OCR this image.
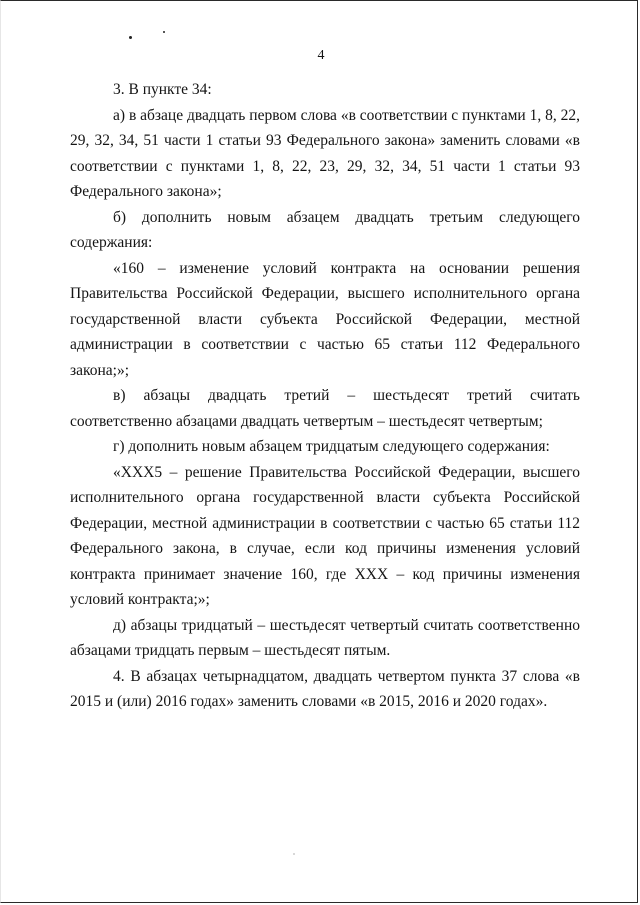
4

3. В пункте 34:

а) в абзаце двадцать первом слова «в соответствии с пунктами 1, 8, 22, 29, 32, 34, 51 части 1 статьи 93 Федерального закона» заменить словами «в соответствии с пунктами 1, 8, 22, 23, 29, 32, 34, 51 части 1 статьи 93 Федерального закона»;

б) дополнить новым абзацем двадцать третьим следующего содержания:

«160 – изменение условий контракта на основании решения Правительства Российской Федерации, высшего исполнительного органа государственной власти субъекта Российской Федерации, местной администрации в соответствии с частью 65 статьи 112 Федерального закона;»;

в) абзацы двадцать третий – шестьдесят третий считать соответственно абзацами двадцать четвертым – шестьдесят четвертым;

г) дополнить новым абзацем тридцатым следующего содержания:

«ХХХ5 – решение Правительства Российской Федерации, высшего исполнительного органа государственной власти субъекта Российской Федерации, местной администрации в соответствии с частью 65 статьи 112 Федерального закона, в случае, если код причины изменения условий контракта принимает значение 160, где ХХХ – код причины изменения условий контракта;»;

д) абзацы тридцатый – шестьдесят четвертый считать соответственно абзацами тридцать первым – шестьдесят пятым.

4. В абзацах четырнадцатом, двадцать четвертом пункта 37 слова «в 2015 и (или) 2016 годах» заменить словами «в 2015, 2016 и 2020 годах».
